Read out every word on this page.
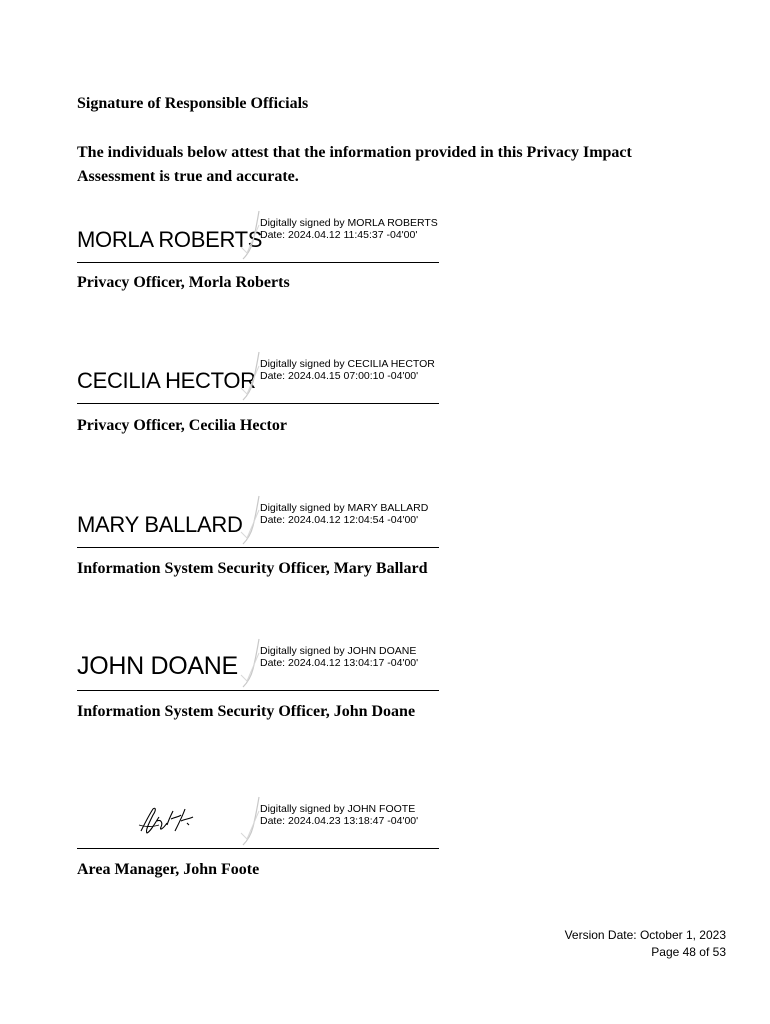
Signature of Responsible Officials
The individuals below attest that the information provided in this Privacy Impact Assessment is true and accurate.
MORLA ROBERTS
Digitally signed by MORLA ROBERTS
Date: 2024.04.12 11:45:37 -04'00'
Privacy Officer, Morla Roberts
CECILIA HECTOR
Digitally signed by CECILIA HECTOR
Date: 2024.04.15 07:00:10 -04'00'
Privacy Officer, Cecilia Hector
MARY BALLARD
Digitally signed by MARY BALLARD
Date: 2024.04.12 12:04:54 -04'00'
Information System Security Officer, Mary Ballard
JOHN DOANE
Digitally signed by JOHN DOANE
Date: 2024.04.12 13:04:17 -04'00'
Information System Security Officer, John Doane
Digitally signed by JOHN FOOTE
Date: 2024.04.23 13:18:47 -04'00'
Area Manager, John Foote
Version Date: October 1, 2023
Page 48 of 53
